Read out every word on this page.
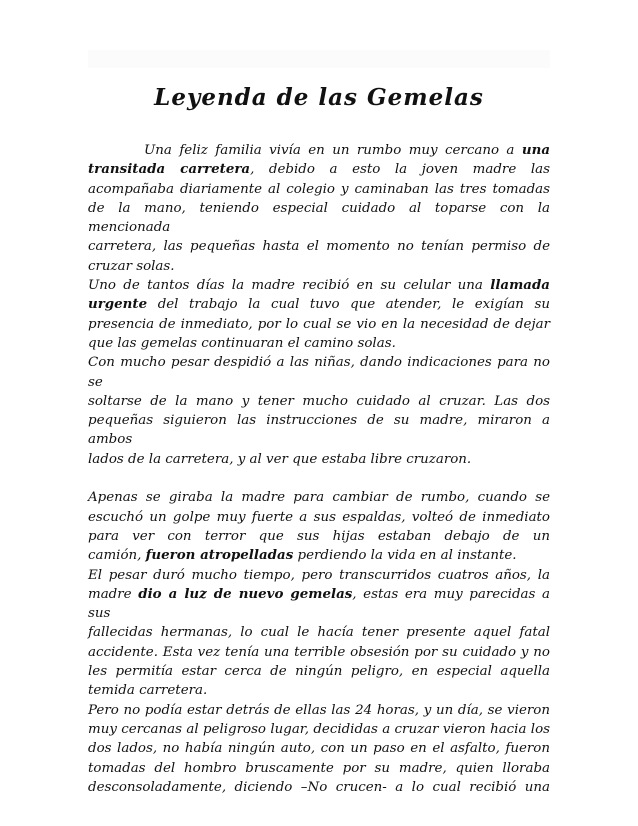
Leyenda de las Gemelas

Una feliz familia vivía en un rumbo muy cercano a una

transitada carretera, debido a esto la joven madre las

acompañaba diariamente al colegio y caminaban las tres tomadas

de la mano, teniendo especial cuidado al toparse con la mencionada

carretera, las pequeñas hasta el momento no tenían permiso de

cruzar solas.

Uno de tantos días la madre recibió en su celular una llamada

urgente del trabajo la cual tuvo que atender, le exigían su

presencia de inmediato, por lo cual se vio en la necesidad de dejar

que las gemelas continuaran el camino solas.

Con mucho pesar despidió a las niñas, dando indicaciones para no se

soltarse de la mano y tener mucho cuidado al cruzar. Las dos

pequeñas siguieron las instrucciones de su madre, miraron a ambos

lados de la carretera, y al ver que estaba libre cruzaron.

Apenas se giraba la madre para cambiar de rumbo, cuando se

escuchó un golpe muy fuerte a sus espaldas, volteó de inmediato

para ver con terror que sus hijas estaban debajo de un

camión, fueron atropelladas perdiendo la vida en al instante.

El pesar duró mucho tiempo, pero transcurridos cuatros años, la

madre dio a luz de nuevo gemelas, estas era muy parecidas a sus

fallecidas hermanas, lo cual le hacía tener presente aquel fatal

accidente. Esta vez tenía una terrible obsesión por su cuidado y no

les permitía estar cerca de ningún peligro, en especial aquella

temida carretera.

Pero no podía estar detrás de ellas las 24 horas, y un día, se vieron

muy cercanas al peligroso lugar, decididas a cruzar vieron hacia los

dos lados, no había ningún auto, con un paso en el asfalto, fueron

tomadas del hombro bruscamente por su madre, quien lloraba

desconsoladamente, diciendo –No crucen- a lo cual recibió una
